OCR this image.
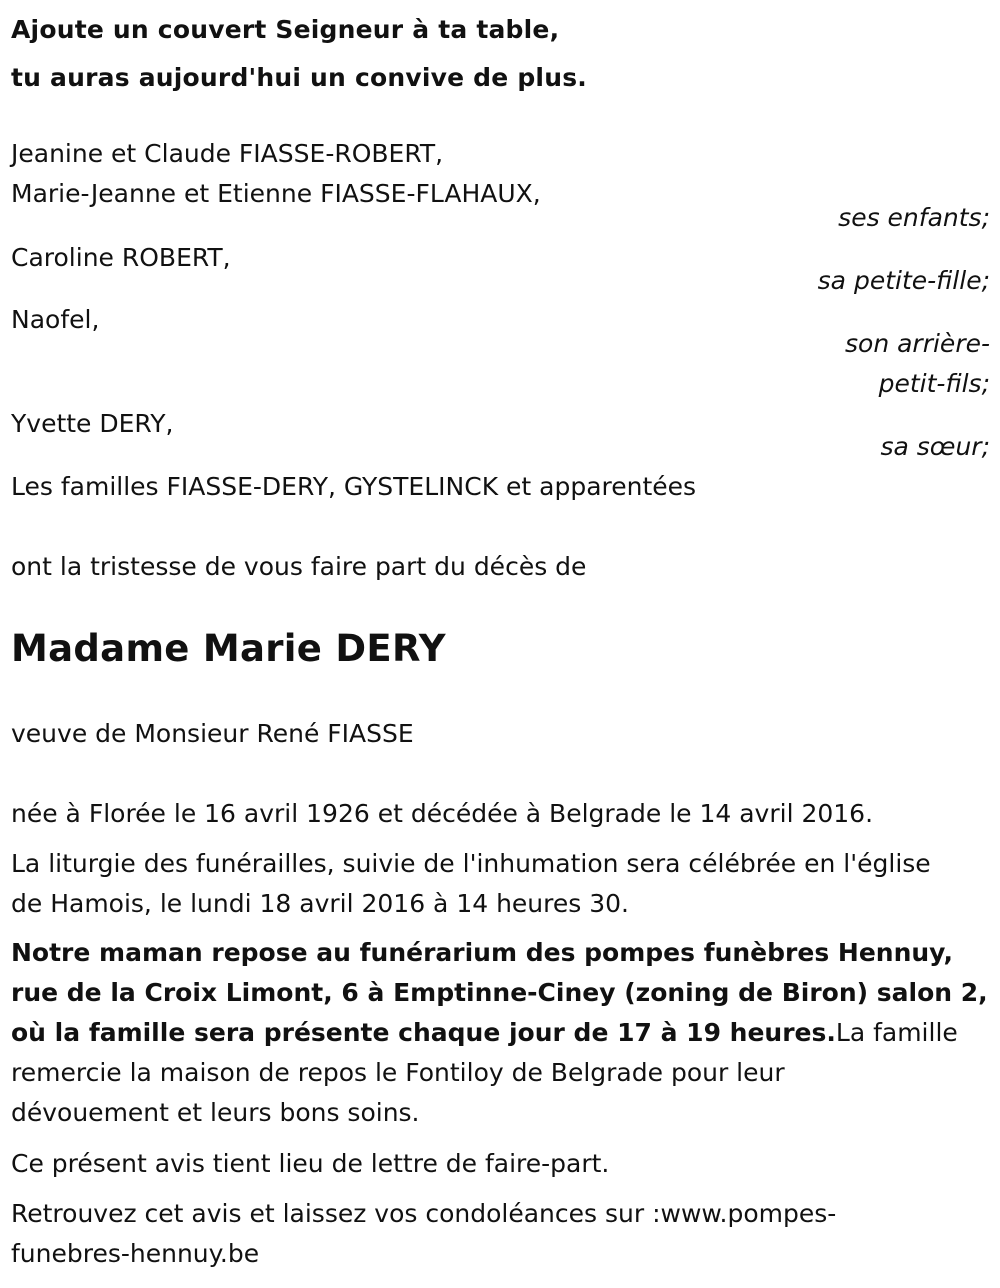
Ajoute un couvert Seigneur à ta table,
tu auras aujourd'hui un convive de plus.
Jeanine et Claude FIASSE-ROBERT,
Marie-Jeanne et Etienne FIASSE-FLAHAUX,
ses enfants;
Caroline ROBERT,
sa petite-fille;
Naofel,
son arrière-
petit-fils;
Yvette DERY,
sa sœur;
Les familles FIASSE-DERY, GYSTELINCK et apparentées
ont la tristesse de vous faire part du décès de
Madame Marie DERY
veuve de Monsieur René FIASSE
née à Florée le 16 avril 1926 et décédée à Belgrade le 14 avril 2016.
La liturgie des funérailles, suivie de l'inhumation sera célébrée en l'église
de Hamois, le lundi 18 avril 2016 à 14 heures 30.
Notre maman repose au funérarium des pompes funèbres Hennuy,
rue de la Croix Limont, 6 à Emptinne-Ciney (zoning de Biron) salon 2,
où la famille sera présente chaque jour de 17 à 19 heures.La famille
remercie la maison de repos le Fontiloy de Belgrade pour leur
dévouement et leurs bons soins.
Ce présent avis tient lieu de lettre de faire-part.
Retrouvez cet avis et laissez vos condoléances sur :www.pompes-
funebres-hennuy.be
